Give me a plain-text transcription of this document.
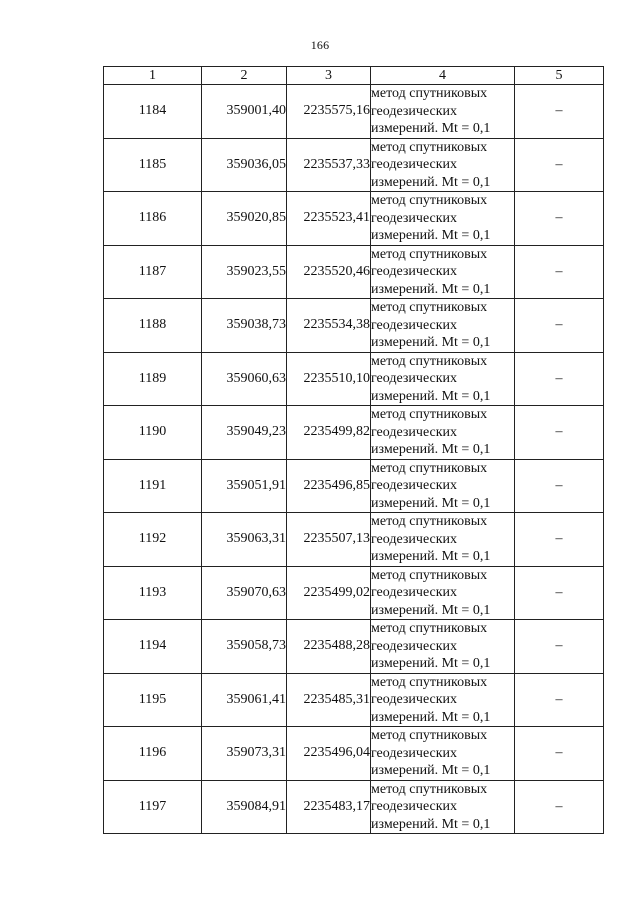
166
1	2	3	4	5
1184	359001,40	2235575,16	метод спутниковых
геодезических
измерений. Mt = 0,1	–
1185	359036,05	2235537,33	метод спутниковых
геодезических
измерений. Mt = 0,1	–
1186	359020,85	2235523,41	метод спутниковых
геодезических
измерений. Mt = 0,1	–
1187	359023,55	2235520,46	метод спутниковых
геодезических
измерений. Mt = 0,1	–
1188	359038,73	2235534,38	метод спутниковых
геодезических
измерений. Mt = 0,1	–
1189	359060,63	2235510,10	метод спутниковых
геодезических
измерений. Mt = 0,1	–
1190	359049,23	2235499,82	метод спутниковых
геодезических
измерений. Mt = 0,1	–
1191	359051,91	2235496,85	метод спутниковых
геодезических
измерений. Mt = 0,1	–
1192	359063,31	2235507,13	метод спутниковых
геодезических
измерений. Mt = 0,1	–
1193	359070,63	2235499,02	метод спутниковых
геодезических
измерений. Mt = 0,1	–
1194	359058,73	2235488,28	метод спутниковых
геодезических
измерений. Mt = 0,1	–
1195	359061,41	2235485,31	метод спутниковых
геодезических
измерений. Mt = 0,1	–
1196	359073,31	2235496,04	метод спутниковых
геодезических
измерений. Mt = 0,1	–
1197	359084,91	2235483,17	метод спутниковых
геодезических
измерений. Mt = 0,1	–
